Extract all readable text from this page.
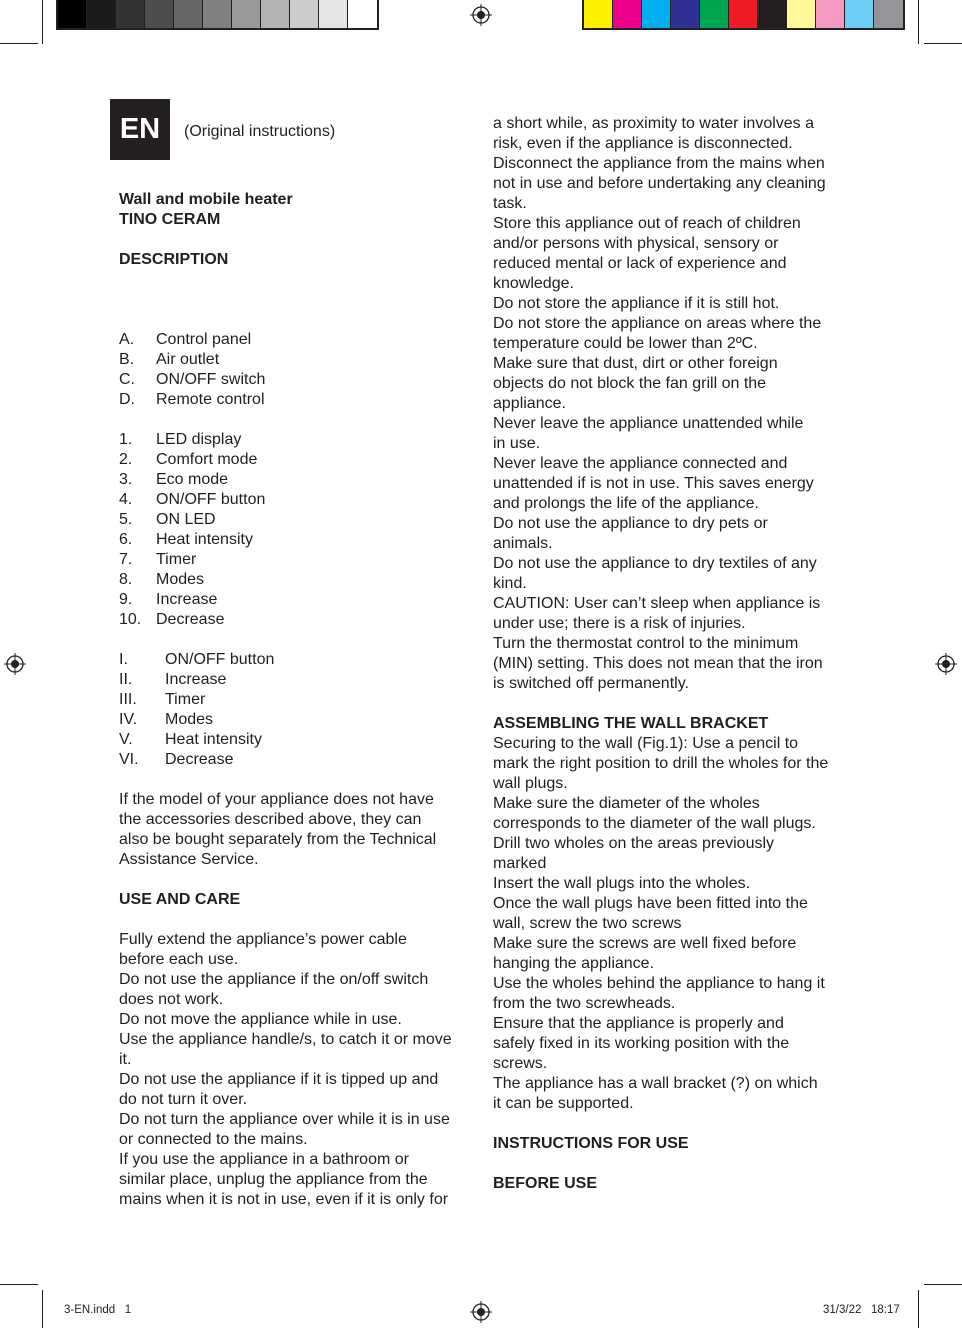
EN	(Original instructions)

Wall and mobile heater

TINO CERAM

DESCRIPTION

A.	Control panel
B.	Air outlet
C.	ON/OFF switch
D.	Remote control
1.	LED display
2.	Comfort mode
3.	Eco mode
4.	ON/OFF button
5.	ON LED
6.	Heat intensity
7.	Timer
8.	Modes
9.	Increase
10. Decrease
I.	ON/OFF button
II.	Increase
III.	Timer
IV.	Modes
V.	Heat intensity
VI.	Decrease

If the model of your appliance does not have

the accessories described above, they can

also be bought separately from the Technical

Assistance Service.

USE AND CARE

Fully extend the appliance’s power cable

before each use.

Do not use the appliance if the on/off switch

does not work.

Do not move the appliance while in use.

Use the appliance handle/s, to catch it or move

it.

Do not use the appliance if it is tipped up and

do not turn it over.

Do not turn the appliance over while it is in use

or connected to the mains.

If you use the appliance in a bathroom or

similar place, unplug the appliance from the

mains when it is not in use, even if it is only for

a short while, as proximity to water involves a

risk, even if the appliance is disconnected.

Disconnect the appliance from the mains when

not in use and before undertaking any cleaning

task.

Store this appliance out of reach of children

and/or persons with physical, sensory or

reduced mental or lack of experience and

knowledge.

Do not store the appliance if it is still hot.

Do not store the appliance on areas where the

temperature could be lower than 2ºC.

Make sure that dust, dirt or other foreign

objects do not block the fan grill on the

appliance.

Never leave the appliance unattended while

in use.

Never leave the appliance connected and

unattended if is not in use. This saves energy

and prolongs the life of the appliance.

Do not use the appliance to dry pets or

animals.

Do not use the appliance to dry textiles of any

kind.

CAUTION: User can’t sleep when appliance is

under use; there is a risk of injuries.

Turn the thermostat control to the minimum

(MIN) setting. This does not mean that the iron

is switched off permanently.

ASSEMBLING THE WALL BRACKET

Securing to the wall (Fig.1): Use a pencil to

mark the right position to drill the wholes for the

wall plugs.

Make sure the diameter of the wholes

corresponds to the diameter of the wall plugs.

Drill two wholes on the areas previously

marked

Insert the wall plugs into the wholes.

Once the wall plugs have been fitted into the

wall, screw the two screws

Make sure the screws are well fixed before

hanging the appliance.

Use the wholes behind the appliance to hang it

from the two screwheads.

Ensure that the appliance is properly and

safely fixed in its working position with the

screws.

The appliance has a wall bracket (?) on which

it can be supported.

INSTRUCTIONS FOR USE

BEFORE USE

3-EN.indd   1	31/3/22   18:17
